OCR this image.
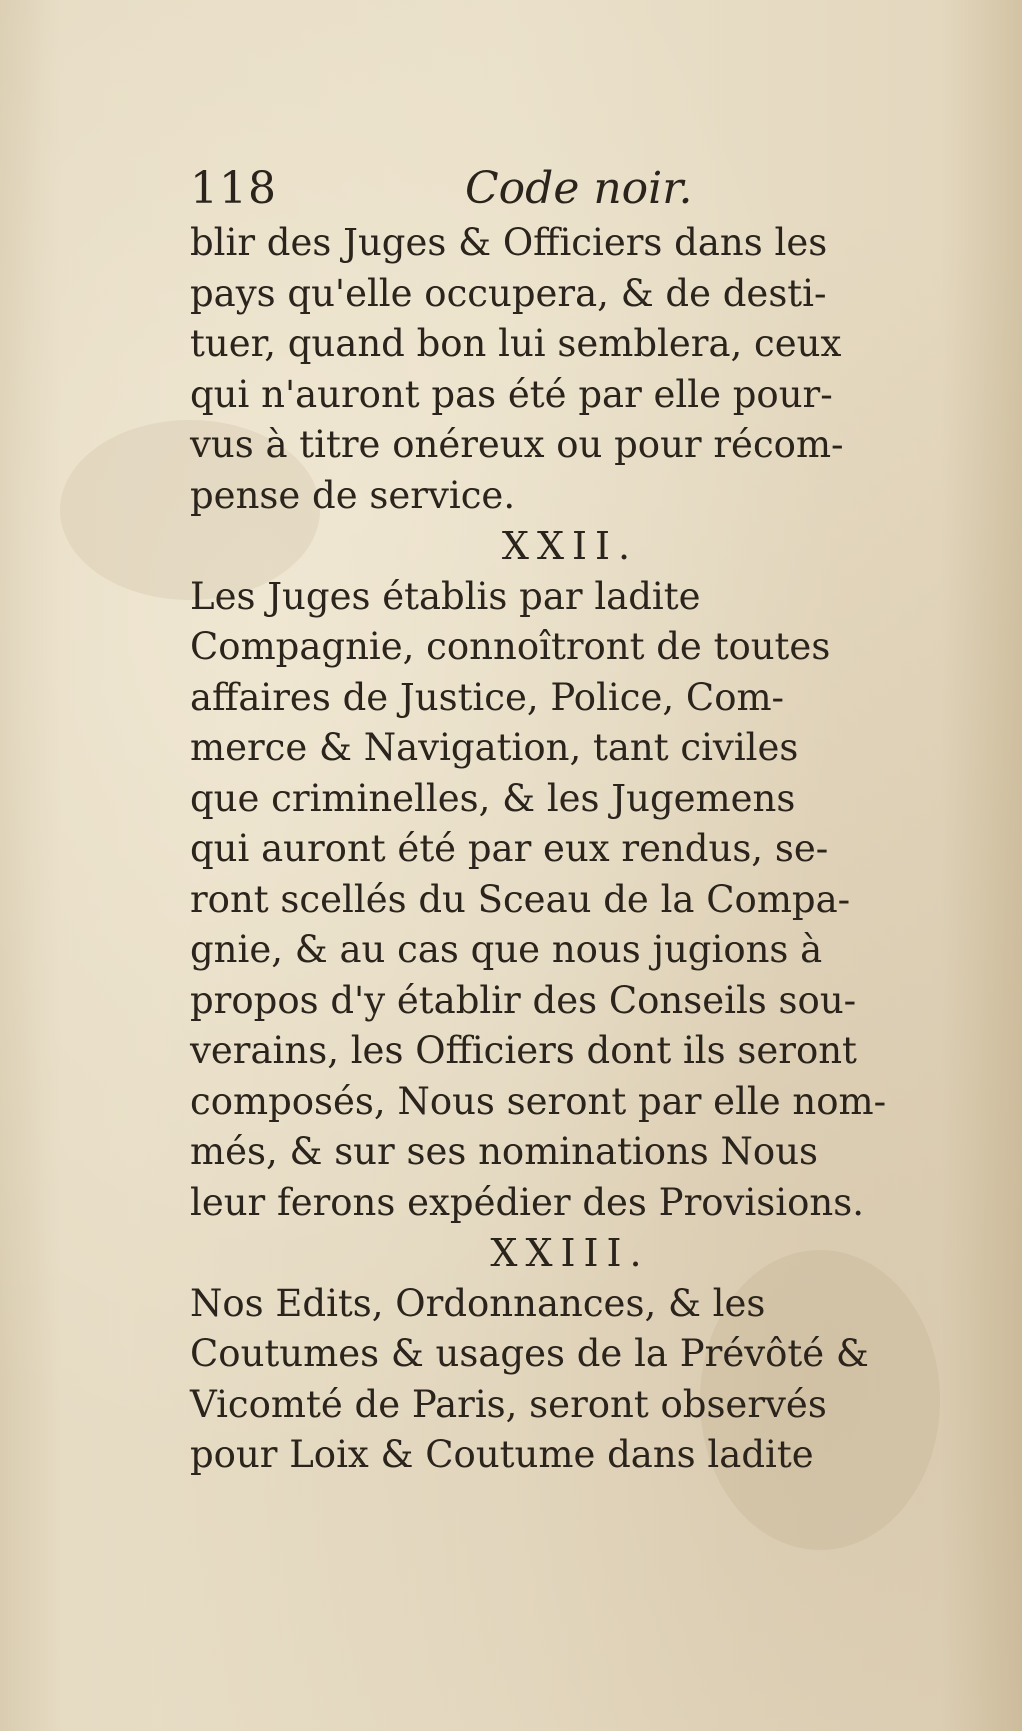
118	Code noir.
blir des Juges & Officiers dans les
pays qu'elle occupera, & de desti-
tuer, quand bon lui semblera, ceux
qui n'auront pas été par elle pour-
vus à titre onéreux ou pour récom-
pense de service.
XXII.
Les Juges établis par ladite
Compagnie, connoîtront de toutes
affaires de Justice, Police, Com-
merce & Navigation, tant civiles
que criminelles, & les Jugemens
qui auront été par eux rendus, se-
ront scellés du Sceau de la Compa-
gnie, & au cas que nous jugions à
propos d'y établir des Conseils sou-
verains, les Officiers dont ils seront
composés, Nous seront par elle nom-
més, & sur ses nominations Nous
leur ferons expédier des Provisions.
XXIII.
Nos Edits, Ordonnances, & les
Coutumes & usages de la Prévôté &
Vicomté de Paris, seront observés
pour Loix & Coutume dans ladite
